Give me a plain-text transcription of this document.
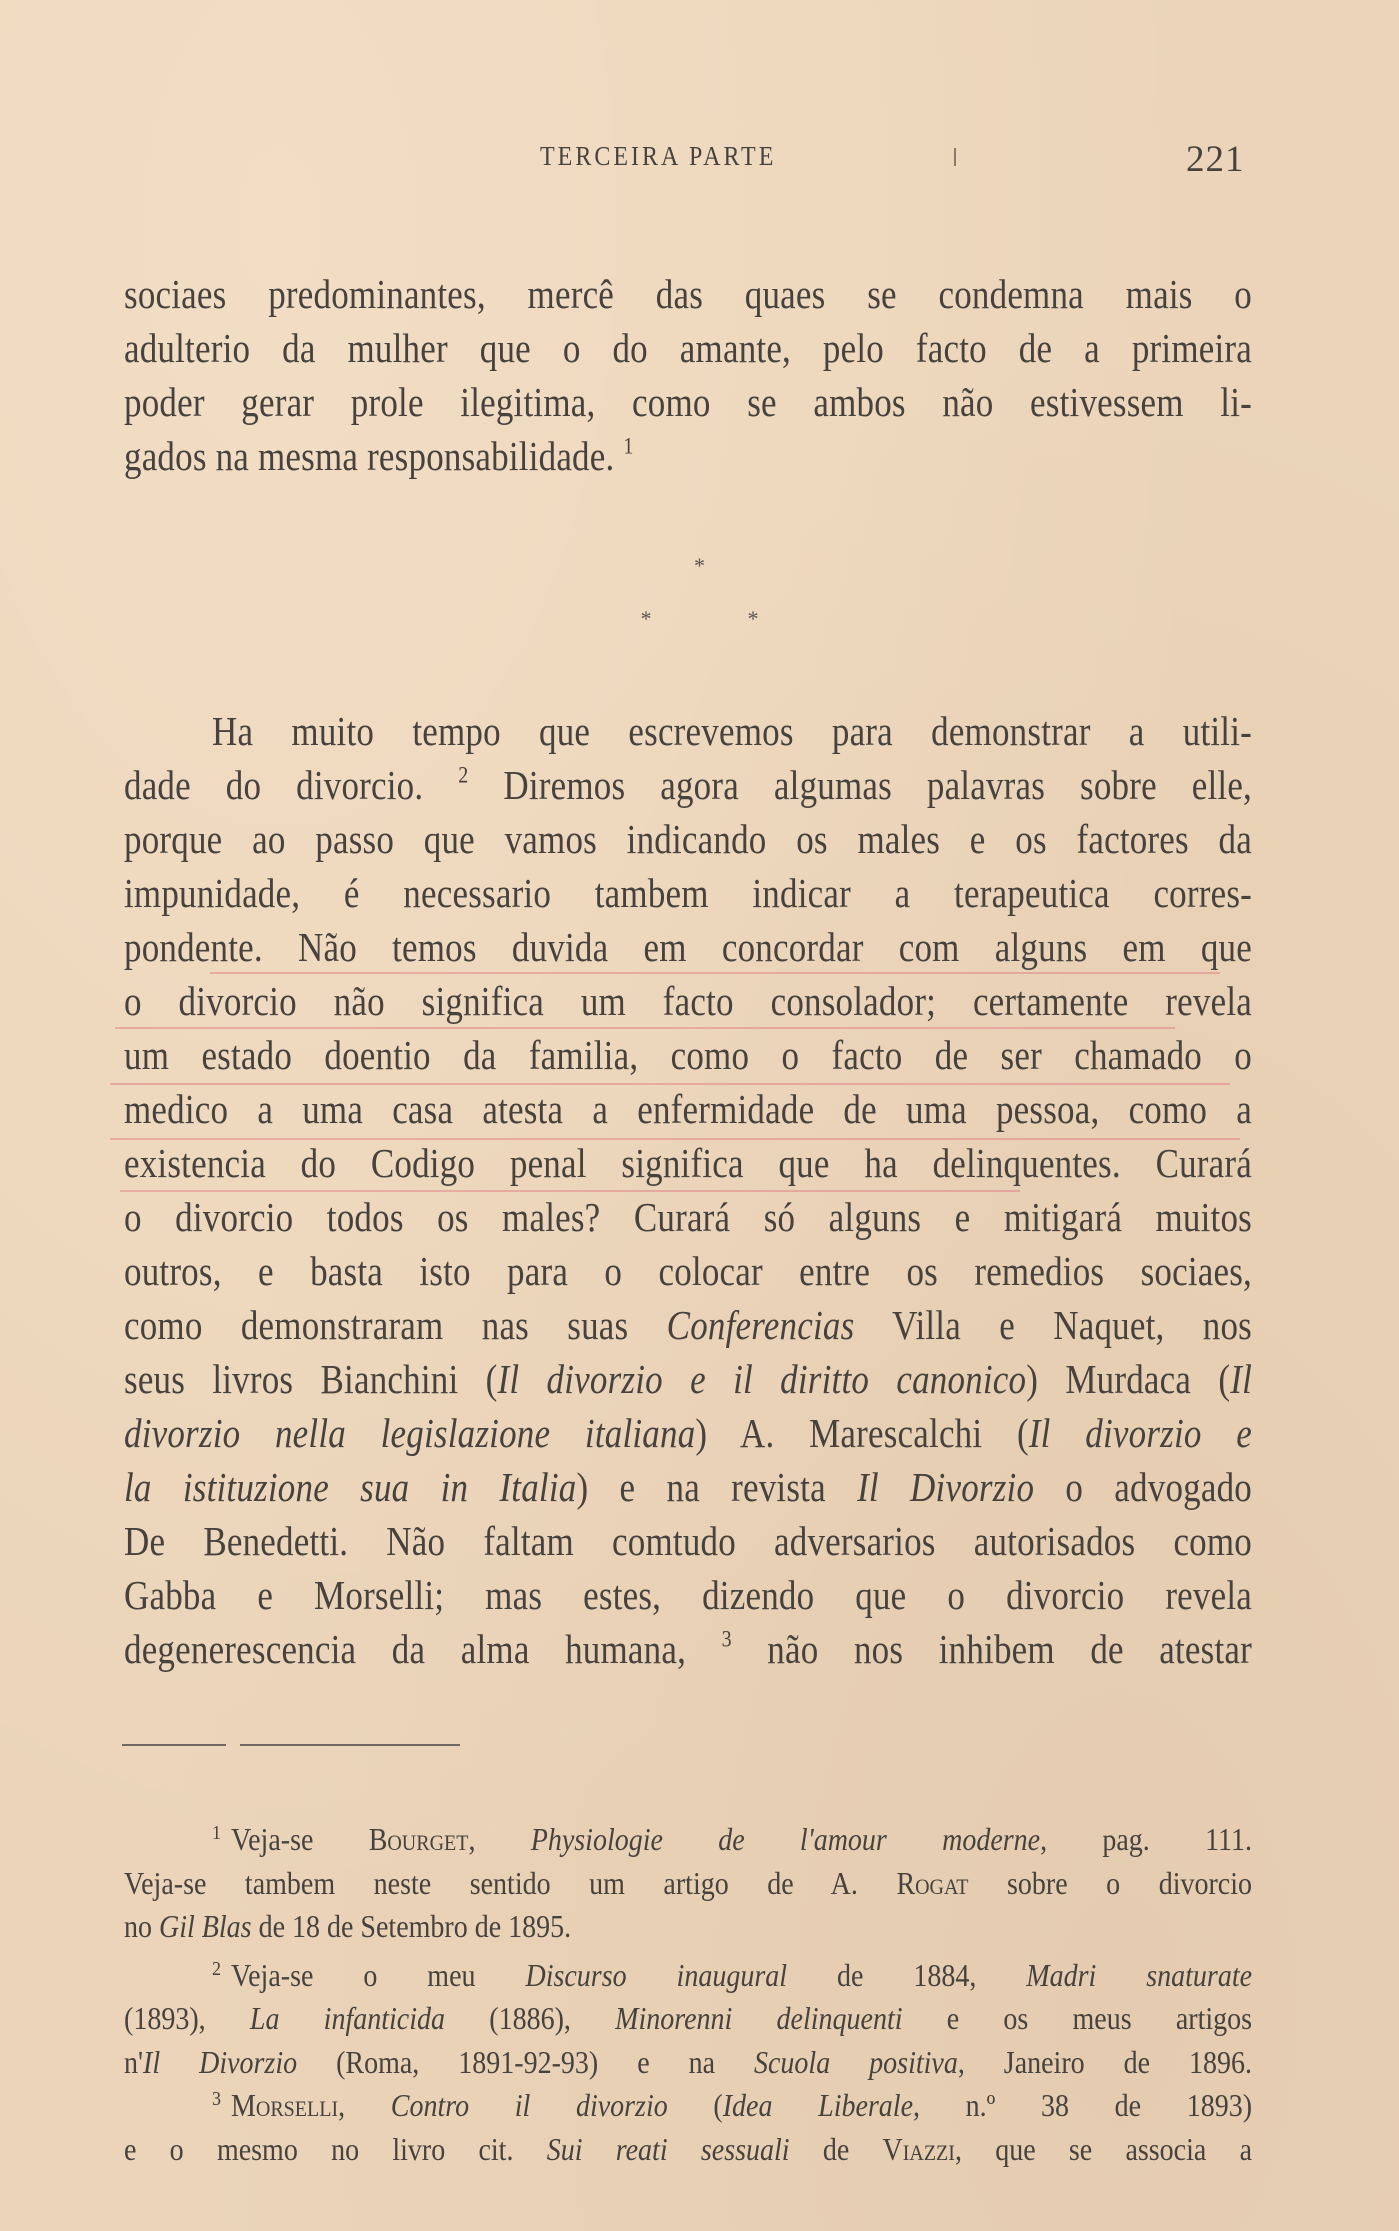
TERCEIRA PARTE	221
sociaes predominantes, mercê das quaes se condemna mais o
adulterio da mulher que o do amante, pelo facto de a primeira
poder gerar prole ilegitima, como se ambos não estivessem li-
gados na mesma responsabilidade. $^1$
*
*	*
Ha muito tempo que escrevemos para demonstrar a utili-
dade do divorcio. $^2$ Diremos agora algumas palavras sobre elle,
porque ao passo que vamos indicando os males e os factores da
impunidade, é necessario tambem indicar a terapeutica corres-
pondente. Não temos duvida em concordar com alguns em que
o divorcio não significa um facto consolador; certamente revela
um estado doentio da familia, como o facto de ser chamado o
medico a uma casa atesta a enfermidade de uma pessoa, como a
existencia do Codigo penal significa que ha delinquentes. Curará
o divorcio todos os males? Curará só alguns e mitigará muitos
outros, e basta isto para o colocar entre os remedios sociaes,
como demonstraram nas suas Conferencias Villa e Naquet, nos
seus livros Bianchini (Il divorzio e il diritto canonico) Murdaca (Il
divorzio nella legislazione italiana) A. Marescalchi (Il divorzio e
la istituzione sua in Italia) e na revista Il Divorzio o advogado
De Benedetti. Não faltam comtudo adversarios autorisados como
Gabba e Morselli; mas estes, dizendo que o divorcio revela
degenerescencia da alma humana, $^3$ não nos inhibem de atestar
$^1$ Veja-se Bourget, Physiologie de l'amour moderne, pag. 111.
Veja-se tambem neste sentido um artigo de A. Rogat sobre o divorcio
no Gil Blas de 18 de Setembro de 1895.
$^2$ Veja-se o meu Discurso inaugural de 1884, Madri snaturate
(1893), La infanticida (1886), Minorenni delinquenti e os meus artigos
n'Il Divorzio (Roma, 1891-92-93) e na Scuola positiva, Janeiro de 1896.
$^3$ Morselli, Contro il divorzio (Idea Liberale, n.º 38 de 1893)
e o mesmo no livro cit. Sui reati sessuali de Viazzi, que se associa a
